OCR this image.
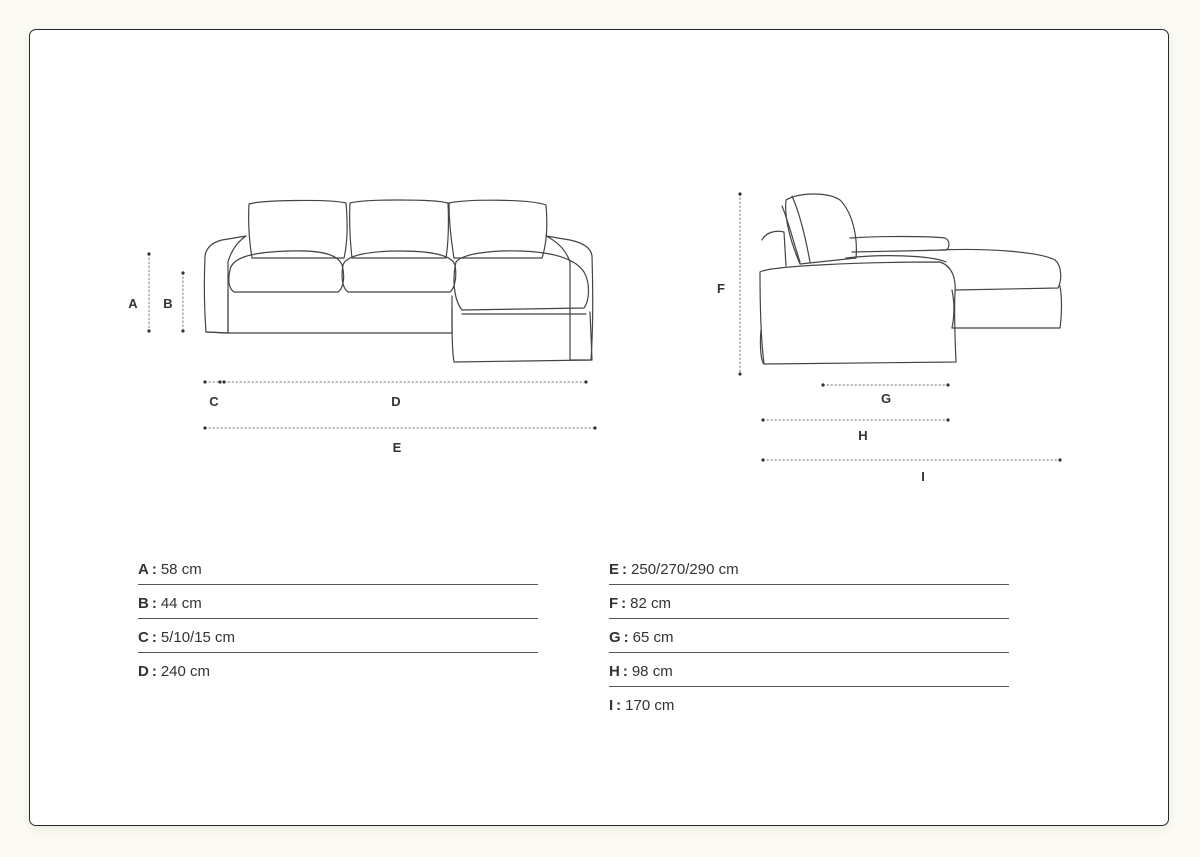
A B
C	D
E
F
G
H
I
A : 58 cm
B : 44 cm
C : 5/10/15 cm
D : 240 cm
E : 250/270/290 cm
F : 82 cm
G : 65 cm
H : 98 cm
I : 170 cm
